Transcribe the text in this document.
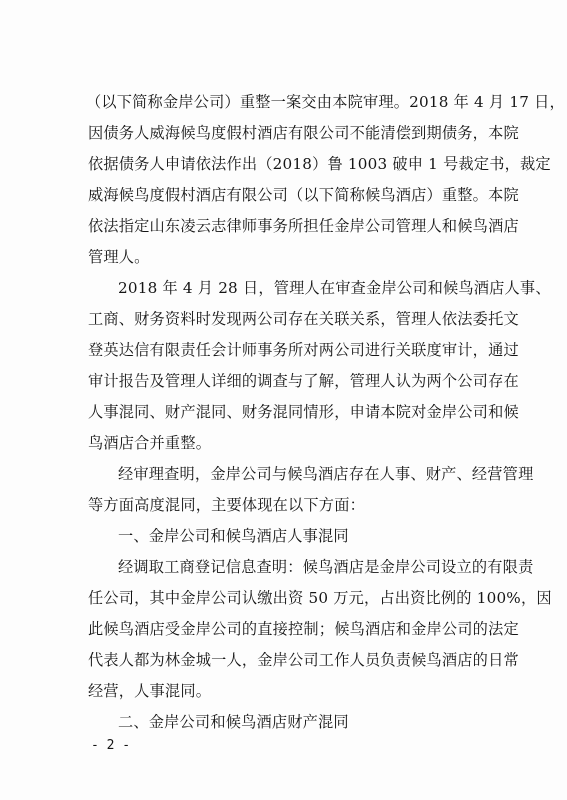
（以下简称金岸公司）重整一案交由本院审理。2018 年 4 月 17 日，
因债务人威海候鸟度假村酒店有限公司不能清偿到期债务，本院
依据债务人申请依法作出（2018）鲁 1003 破申 1 号裁定书，裁定
威海候鸟度假村酒店有限公司（以下简称候鸟酒店）重整。本院
依法指定山东凌云志律师事务所担任金岸公司管理人和候鸟酒店
管理人。
2018 年 4 月 28 日，管理人在审查金岸公司和候鸟酒店人事、
工商、财务资料时发现两公司存在关联关系，管理人依法委托文
登英达信有限责任会计师事务所对两公司进行关联度审计，通过
审计报告及管理人详细的调查与了解，管理人认为两个公司存在
人事混同、财产混同、财务混同情形，申请本院对金岸公司和候
鸟酒店合并重整。
经审理查明，金岸公司与候鸟酒店存在人事、财产、经营管理
等方面高度混同，主要体现在以下方面：
一、金岸公司和候鸟酒店人事混同
经调取工商登记信息查明：候鸟酒店是金岸公司设立的有限责
任公司，其中金岸公司认缴出资 50 万元，占出资比例的 100%，因
此候鸟酒店受金岸公司的直接控制；候鸟酒店和金岸公司的法定
代表人都为林金城一人，金岸公司工作人员负责候鸟酒店的日常
经营，人事混同。
二、金岸公司和候鸟酒店财产混同
- 2 -
